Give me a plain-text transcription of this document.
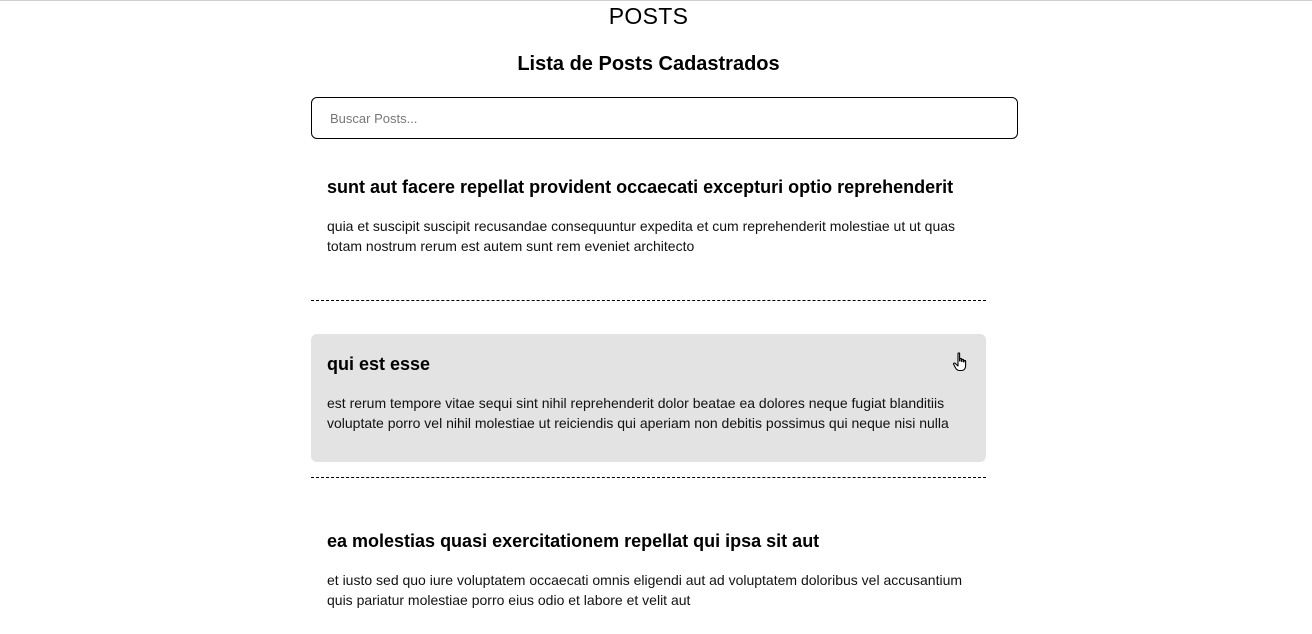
POSTS
Lista de Posts Cadastrados
Buscar Posts...
sunt aut facere repellat provident occaecati excepturi optio reprehenderit
quia et suscipit suscipit recusandae consequuntur expedita et cum reprehenderit molestiae ut ut quas totam nostrum rerum est autem sunt rem eveniet architecto
qui est esse
est rerum tempore vitae sequi sint nihil reprehenderit dolor beatae ea dolores neque fugiat blanditiis voluptate porro vel nihil molestiae ut reiciendis qui aperiam non debitis possimus qui neque nisi nulla
ea molestias quasi exercitationem repellat qui ipsa sit aut
et iusto sed quo iure voluptatem occaecati omnis eligendi aut ad voluptatem doloribus vel accusantium quis pariatur molestiae porro eius odio et labore et velit aut
